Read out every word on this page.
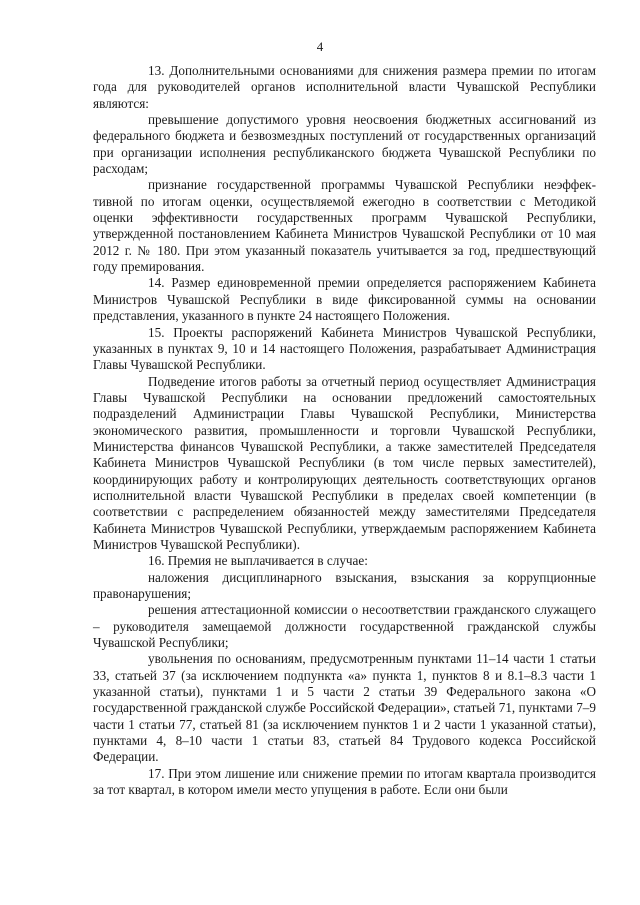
4

13. Дополнительными основаниями для снижения размера премии по итогам года для руководителей органов исполнительной власти Чувашской Республики являются:

превышение допустимого уровня неосвоения бюджетных ассигнований из федерального бюджета и безвозмездных поступлений от государственных организаций при организации исполнения республиканского бюджета Чувашской Республики по расходам;

признание государственной программы Чувашской Республики неэффективной по итогам оценки, осуществляемой ежегодно в соответствии с Методикой оценки эффективности государственных программ Чувашской Республики, утвержденной постановлением Кабинета Министров Чувашской Республики от 10 мая 2012 г. № 180. При этом указанный показатель учитывается за год, предшествующий году премирования.

14. Размер единовременной премии определяется распоряжением Кабинета Министров Чувашской Республики в виде фиксированной суммы на основании представления, указанного в пункте 24 настоящего Положения.

15. Проекты распоряжений Кабинета Министров Чувашской Республики, указанных в пунктах 9, 10 и 14 настоящего Положения, разрабатывает Администрация Главы Чувашской Республики.

Подведение итогов работы за отчетный период осуществляет Администрация Главы Чувашской Республики на основании предложений самостоятельных подразделений Администрации Главы Чувашской Республики, Министерства экономического развития, промышленности и торговли Чувашской Республики, Министерства финансов Чувашской Республики, а также заместителей Председателя Кабинета Министров Чувашской Республики (в том числе первых заместителей), координирующих работу и контролирующих деятельность соответствующих органов исполнительной власти Чувашской Республики в пределах своей компетенции (в соответствии с распределением обязанностей между заместителями Председателя Кабинета Министров Чувашской Республики, утверждаемым распоряжением Кабинета Министров Чувашской Республики).

16. Премия не выплачивается в случае:

наложения дисциплинарного взыскания, взыскания за коррупционные правонарушения;

решения аттестационной комиссии о несоответствии гражданского служащего – руководителя замещаемой должности государственной гражданской службы Чувашской Республики;

увольнения по основаниям, предусмотренным пунктами 11–14 части 1 статьи 33, статьей 37 (за исключением подпункта «а» пункта 1, пунктов 8 и 8.1–8.3 части 1 указанной статьи), пунктами 1 и 5 части 2 статьи 39 Федерального закона «О государственной гражданской службе Российской Федерации», статьей 71, пунктами 7–9 части 1 статьи 77, статьей 81 (за исключением пунктов 1 и 2 части 1 указанной статьи), пунктами 4, 8–10 части 1 статьи 83, статьей 84 Трудового кодекса Российской Федерации.

17. При этом лишение или снижение премии по итогам квартала производится за тот квартал, в котором имели место упущения в работе. Если они были
